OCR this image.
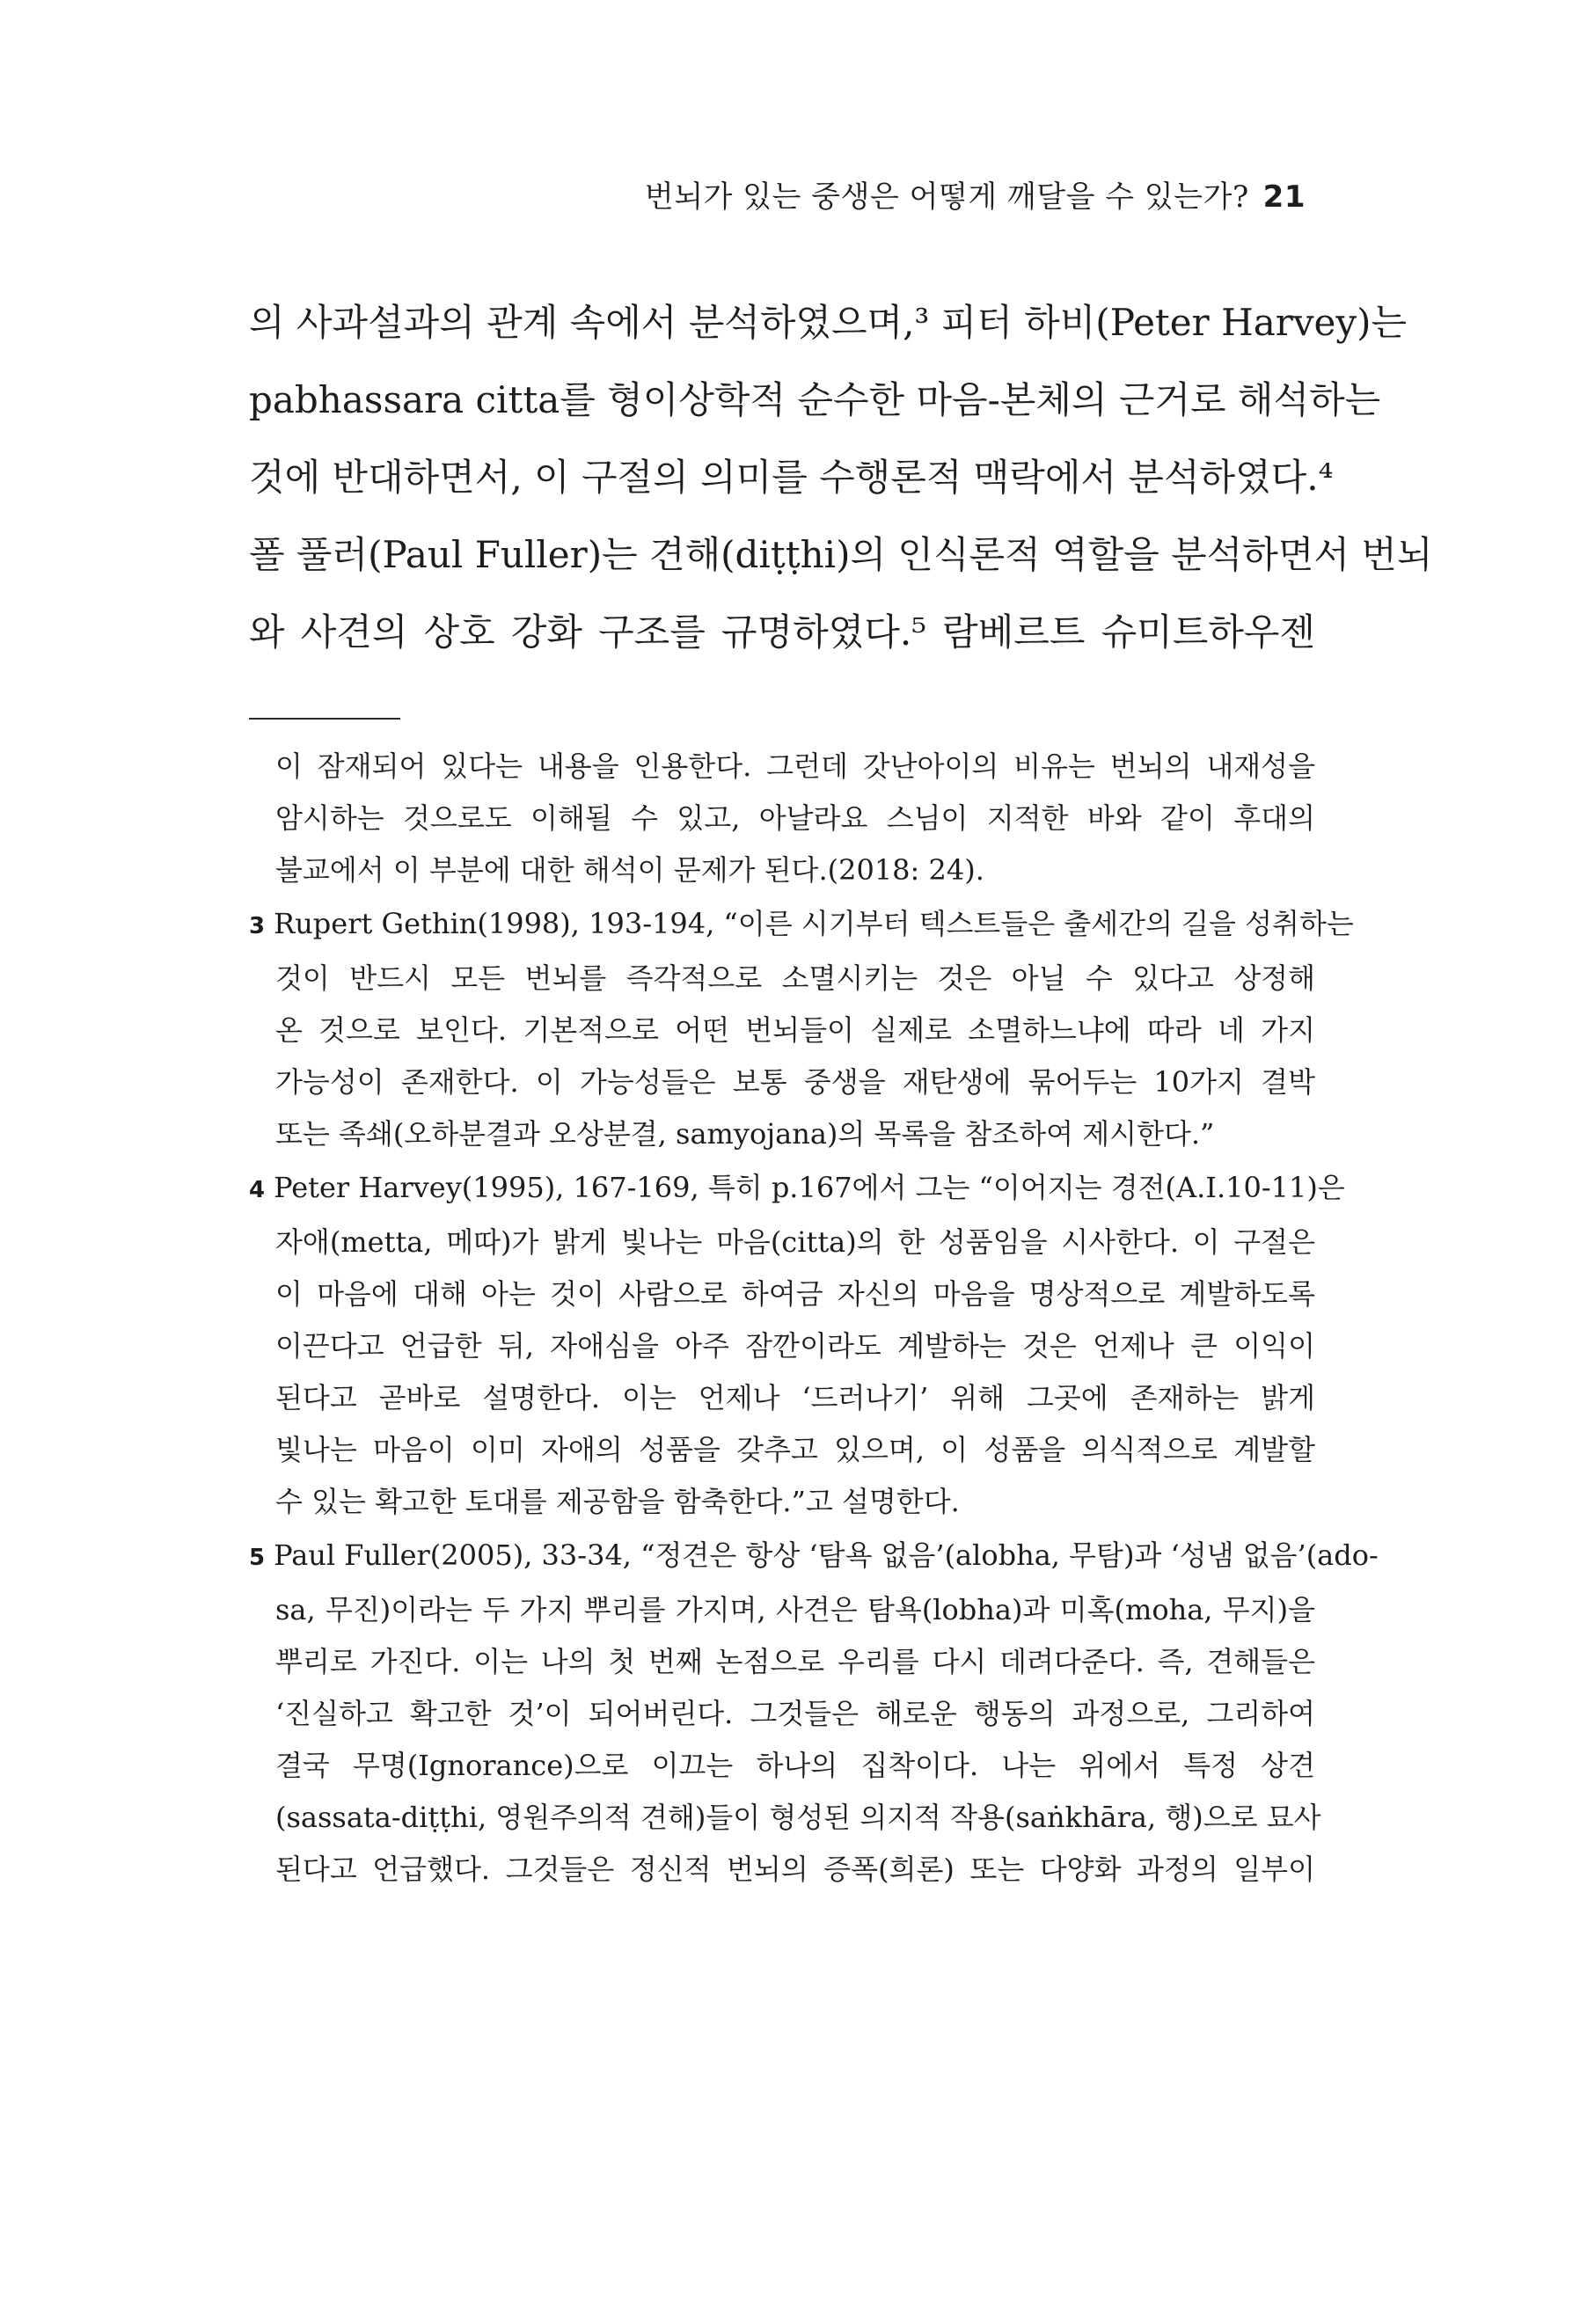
번뇌가 있는 중생은 어떻게 깨달을 수 있는가? 21
의 사과설과의 관계 속에서 분석하였으며,³ 피터 하비(Peter Harvey)는
pabhassara citta를 형이상학적 순수한 마음-본체의 근거로 해석하는
것에 반대하면서, 이 구절의 의미를 수행론적 맥락에서 분석하였다.⁴
폴 풀러(Paul Fuller)는 견해(diṭṭhi)의 인식론적 역할을 분석하면서 번뇌
와 사견의 상호 강화 구조를 규명하였다.⁵ 람베르트 슈미트하우젠
이 잠재되어 있다는 내용을 인용한다. 그런데 갓난아이의 비유는 번뇌의 내재성을
암시하는 것으로도 이해될 수 있고, 아날라요 스님이 지적한 바와 같이 후대의
불교에서 이 부분에 대한 해석이 문제가 된다.(2018: 24).
3 Rupert Gethin(1998), 193-194, “이른 시기부터 텍스트들은 출세간의 길을 성취하는
것이 반드시 모든 번뇌를 즉각적으로 소멸시키는 것은 아닐 수 있다고 상정해
온 것으로 보인다. 기본적으로 어떤 번뇌들이 실제로 소멸하느냐에 따라 네 가지
가능성이 존재한다. 이 가능성들은 보통 중생을 재탄생에 묶어두는 10가지 결박
또는 족쇄(오하분결과 오상분결, samyojana)의 목록을 참조하여 제시한다.”
4 Peter Harvey(1995), 167-169, 특히 p.167에서 그는 “이어지는 경전(A.I.10-11)은
자애(metta, 메따)가 밝게 빛나는 마음(citta)의 한 성품임을 시사한다. 이 구절은
이 마음에 대해 아는 것이 사람으로 하여금 자신의 마음을 명상적으로 계발하도록
이끈다고 언급한 뒤, 자애심을 아주 잠깐이라도 계발하는 것은 언제나 큰 이익이
된다고 곧바로 설명한다. 이는 언제나 ‘드러나기’ 위해 그곳에 존재하는 밝게
빛나는 마음이 이미 자애의 성품을 갖추고 있으며, 이 성품을 의식적으로 계발할
수 있는 확고한 토대를 제공함을 함축한다.”고 설명한다.
5 Paul Fuller(2005), 33-34, “정견은 항상 ‘탐욕 없음’(alobha, 무탐)과 ‘성냄 없음’(ado-
sa, 무진)이라는 두 가지 뿌리를 가지며, 사견은 탐욕(lobha)과 미혹(moha, 무지)을
뿌리로 가진다. 이는 나의 첫 번째 논점으로 우리를 다시 데려다준다. 즉, 견해들은
‘진실하고 확고한 것’이 되어버린다. 그것들은 해로운 행동의 과정으로, 그리하여
결국 무명(Ignorance)으로 이끄는 하나의 집착이다. 나는 위에서 특정 상견
(sassata-diṭṭhi, 영원주의적 견해)들이 형성된 의지적 작용(saṅkhāra, 행)으로 묘사
된다고 언급했다. 그것들은 정신적 번뇌의 증폭(희론) 또는 다양화 과정의 일부이
